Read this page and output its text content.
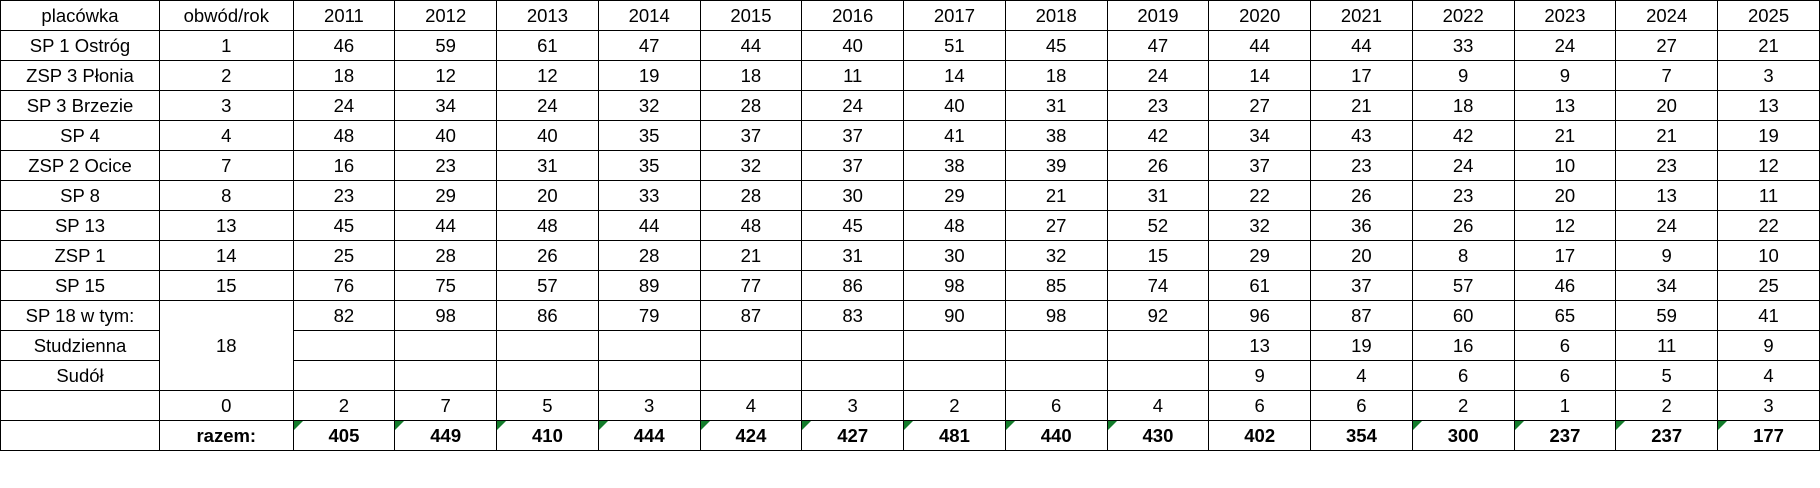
placówka	obwód/rok	2011	2012	2013	2014	2015	2016	2017	2018	2019	2020	2021	2022	2023	2024	2025
SP 1 Ostróg	1	46	59	61	47	44	40	51	45	47	44	44	33	24	27	21
ZSP 3 Płonia	2	18	12	12	19	18	11	14	18	24	14	17	9	9	7	3
SP 3 Brzezie	3	24	34	24	32	28	24	40	31	23	27	21	18	13	20	13
SP 4	4	48	40	40	35	37	37	41	38	42	34	43	42	21	21	19
ZSP 2 Ocice	7	16	23	31	35	32	37	38	39	26	37	23	24	10	23	12
SP 8	8	23	29	20	33	28	30	29	21	31	22	26	23	20	13	11
SP 13	13	45	44	48	44	48	45	48	27	52	32	36	26	12	24	22
ZSP 1	14	25	28	26	28	21	31	30	32	15	29	20	8	17	9	10
SP 15	15	76	75	57	89	77	86	98	85	74	61	37	57	46	34	25
SP 18 w tym:	18	82	98	86	79	87	83	90	98	92	96	87	60	65	59	41
Studzienna											13	19	16	6	11	9
Sudół											9	4	6	6	5	4
	0	2	7	5	3	4	3	2	6	4	6	6	2	1	2	3
	razem:	405	449	410	444	424	427	481	440	430	402	354	300	237	237	177
